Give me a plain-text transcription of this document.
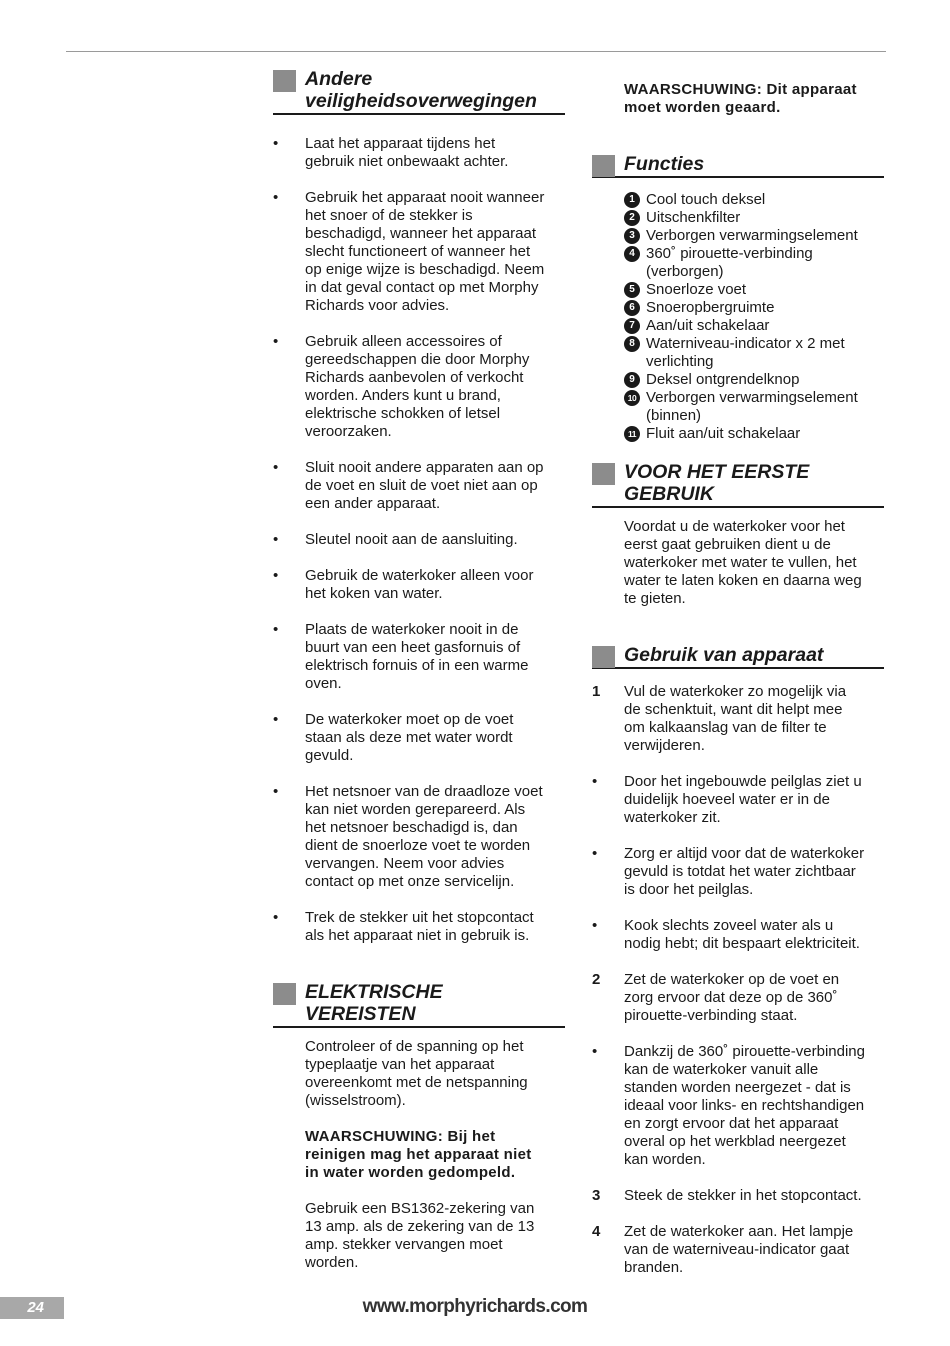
Andere
veiligheidsoverwegingen
• Laat het apparaat tijdens het
gebruik niet onbewaakt achter.
• Gebruik het apparaat nooit wanneer
het snoer of de stekker is
beschadigd, wanneer het apparaat
slecht functioneert of wanneer het
op enige wijze is beschadigd. Neem
in dat geval contact op met Morphy
Richards voor advies.
• Gebruik alleen accessoires of
gereedschappen die door Morphy
Richards aanbevolen of verkocht
worden. Anders kunt u brand,
elektrische schokken of letsel
veroorzaken.
• Sluit nooit andere apparaten aan op
de voet en sluit de voet niet aan op
een ander apparaat.
• Sleutel nooit aan de aansluiting.
• Gebruik de waterkoker alleen voor
het koken van water.
• Plaats de waterkoker nooit in de
buurt van een heet gasfornuis of
elektrisch fornuis of in een warme
oven.
• De waterkoker moet op de voet
staan als deze met water wordt
gevuld.
• Het netsnoer van de draadloze voet
kan niet worden gerepareerd. Als
het netsnoer beschadigd is, dan
dient de snoerloze voet te worden
vervangen. Neem voor advies
contact op met onze servicelijn.
• Trek de stekker uit het stopcontact
als het apparaat niet in gebruik is.
ELEKTRISCHE
VEREISTEN
Controleer of de spanning op het
typeplaatje van het apparaat
overeenkomt met de netspanning
(wisselstroom).
WAARSCHUWING: Bij het
reinigen mag het apparaat niet
in water worden gedompeld.
Gebruik een BS1362-zekering van
13 amp. als de zekering van de 13
amp. stekker vervangen moet
worden.
WAARSCHUWING: Dit apparaat
moet worden geaard.
Functies
1 Cool touch deksel
2 Uitschenkfilter
3 Verborgen verwarmingselement
4 360˚ pirouette-verbinding
(verborgen)
5 Snoerloze voet
6 Snoeropbergruimte
7 Aan/uit schakelaar
8 Waterniveau-indicator x 2 met
verlichting
9 Deksel ontgrendelknop
10 Verborgen verwarmingselement
(binnen)
11 Fluit aan/uit schakelaar
VOOR HET EERSTE
GEBRUIK
Voordat u de waterkoker voor het
eerst gaat gebruiken dient u de
waterkoker met water te vullen, het
water te laten koken en daarna weg
te gieten.
Gebruik van apparaat
1 Vul de waterkoker zo mogelijk via
de schenktuit, want dit helpt mee
om kalkaanslag van de filter te
verwijderen.
• Door het ingebouwde peilglas ziet u
duidelijk hoeveel water er in de
waterkoker zit.
• Zorg er altijd voor dat de waterkoker
gevuld is totdat het water zichtbaar
is door het peilglas.
• Kook slechts zoveel water als u
nodig hebt; dit bespaart elektriciteit.
2 Zet de waterkoker op de voet en
zorg ervoor dat deze op de 360˚
pirouette-verbinding staat.
• Dankzij de 360˚ pirouette-verbinding
kan de waterkoker vanuit alle
standen worden neergezet - dat is
ideaal voor links- en rechtshandigen
en zorgt ervoor dat het apparaat
overal op het werkblad neergezet
kan worden.
3 Steek de stekker in het stopcontact.
4 Zet de waterkoker aan. Het lampje
van de waterniveau-indicator gaat
branden.
24	www.morphyrichards.com
